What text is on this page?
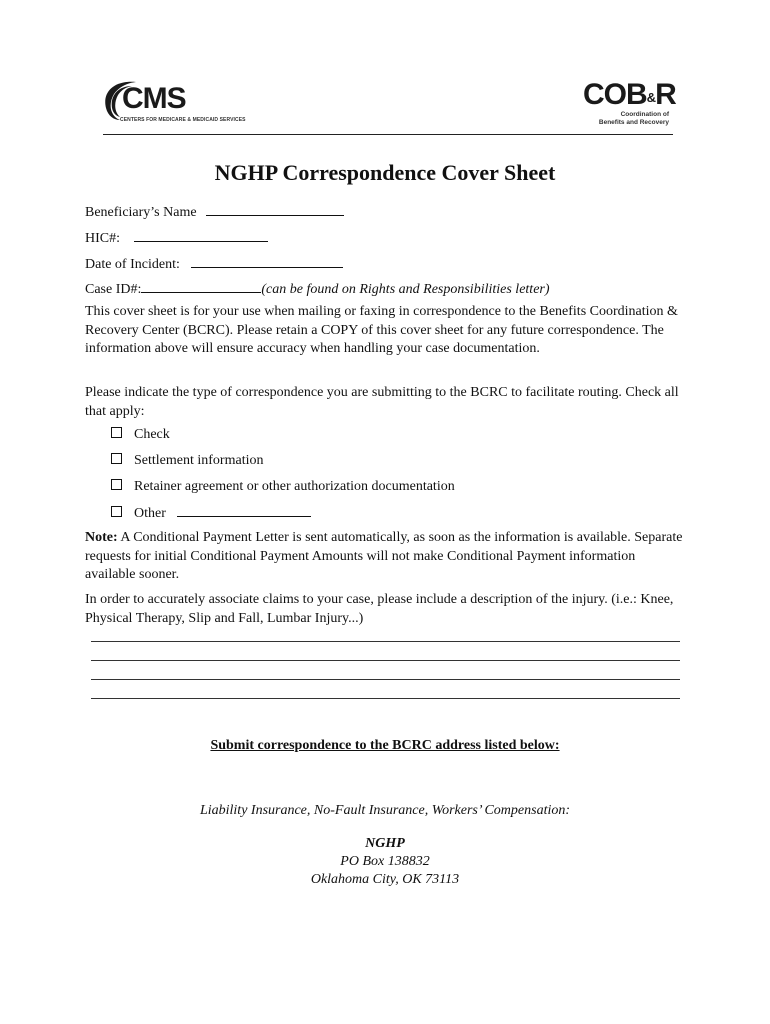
CMS
CENTERS FOR MEDICARE & MEDICAID SERVICES
COB&R
Coordination of
Benefits and Recovery
NGHP Correspondence Cover Sheet
Beneficiary’s Name
HIC#:
Date of Incident:
Case ID#:	(can be found on Rights and Responsibilities letter)
This cover sheet is for your use when mailing or faxing in correspondence to the Benefits Coordination & Recovery Center (BCRC). Please retain a COPY of this cover sheet for any future correspondence. The information above will ensure accuracy when handling your case documentation.
Please indicate the type of correspondence you are submitting to the BCRC to facilitate routing. Check all that apply:
Check
Settlement information
Retainer agreement or other authorization documentation
Other
Note: A Conditional Payment Letter is sent automatically, as soon as the information is available. Separate requests for initial Conditional Payment Amounts will not make Conditional Payment information available sooner.
In order to accurately associate claims to your case, please include a description of the injury. (i.e.: Knee, Physical Therapy, Slip and Fall, Lumbar Injury...)
Submit correspondence to the BCRC address listed below:
Liability Insurance, No-Fault Insurance, Workers’ Compensation:
NGHP
PO Box 138832
Oklahoma City, OK 73113
